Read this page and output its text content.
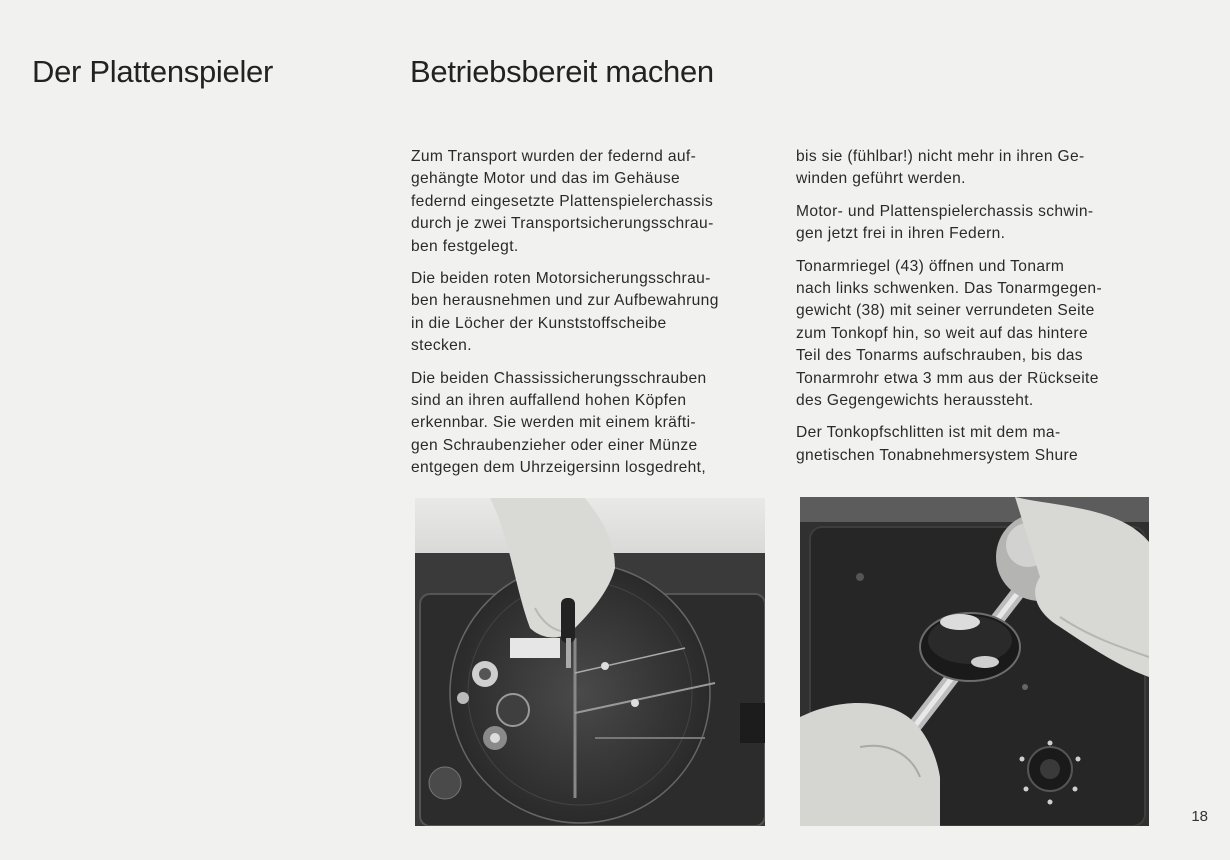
Der Plattenspieler	Betriebsbereit machen

Zum Transport wurden der federnd auf-
gehängte Motor und das im Gehäuse
federnd eingesetzte Plattenspielerchassis
durch je zwei Transportsicherungsschrau-
ben festgelegt.

Die beiden roten Motorsicherungsschrau-
ben herausnehmen und zur Aufbewahrung
in die Löcher der Kunststoffscheibe
stecken.

Die beiden Chassissicherungsschrauben
sind an ihren auffallend hohen Köpfen
erkennbar. Sie werden mit einem kräfti-
gen Schraubenzieher oder einer Münze
entgegen dem Uhrzeigersinn losgedreht,

bis sie (fühlbar!) nicht mehr in ihren Ge-
winden geführt werden.

Motor- und Plattenspielerchassis schwin-
gen jetzt frei in ihren Federn.

Tonarmriegel (43) öffnen und Tonarm
nach links schwenken. Das Tonarmgegen-
gewicht (38) mit seiner verrundeten Seite
zum Tonkopf hin, so weit auf das hintere
Teil des Tonarms aufschrauben, bis das
Tonarmrohr etwa 3 mm aus der Rückseite
des Gegengewichts heraussteht.

Der Tonkopfschlitten ist mit dem ma-
gnetischen Tonabnehmersystem Shure

18
